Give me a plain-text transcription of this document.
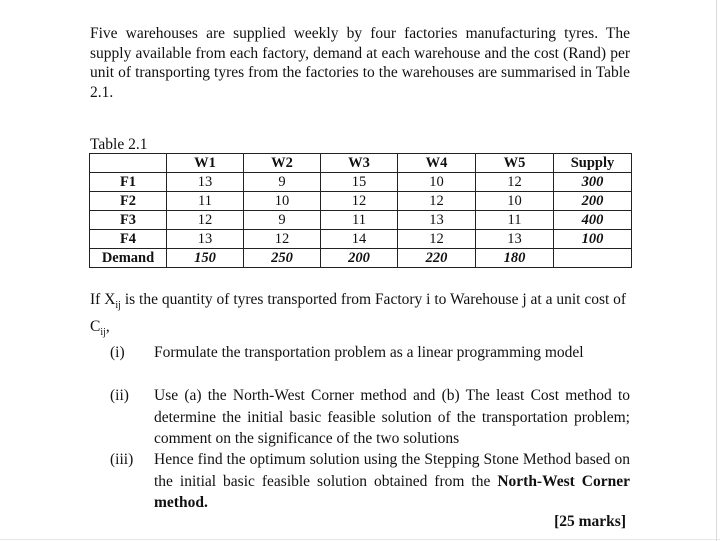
Five warehouses are supplied weekly by four factories manufacturing tyres. The supply available from each factory, demand at each warehouse and the cost (Rand) per unit of transporting tyres from the factories to the warehouses are summarised in Table 2.1.

Table 2.1
	W1	W2	W3	W4	W5	Supply
F1	13	9	15	10	12	300
F2	11	10	12	12	10	200
F3	12	9	11	13	11	400
F4	13	12	14	12	13	100
Demand	150	250	200	220	180	

If $X_{ij}$ is the quantity of tyres transported from Factory i to Warehouse j at a unit cost of $C_{ij}$,

(i) Formulate the transportation problem as a linear programming model
(ii) Use (a) the North-West Corner method and (b) The least Cost method to determine the initial basic feasible solution of the transportation problem; comment on the significance of the two solutions
(iii) Hence find the optimum solution using the Stepping Stone Method based on the initial basic feasible solution obtained from the North-West Corner method.
[25 marks]
